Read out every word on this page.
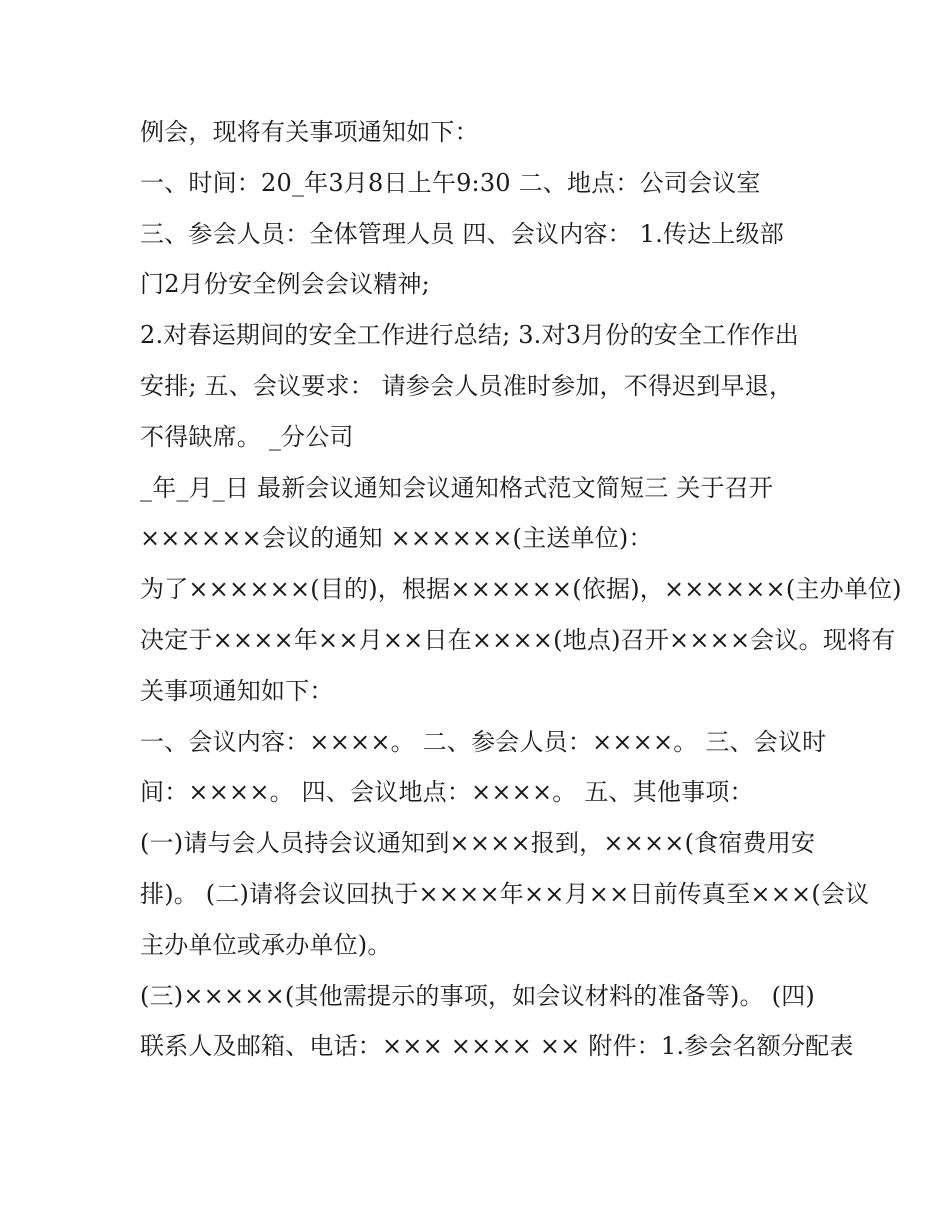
例会，现将有关事项通知如下：
一、时间：20_年3月8日上午9:30 二、地点：公司会议室
三、参会人员：全体管理人员 四、会议内容： 1.传达上级部
门2月份安全例会会议精神;
2.对春运期间的安全工作进行总结; 3.对3月份的安全工作作出
安排; 五、会议要求： 请参会人员准时参加，不得迟到早退，
不得缺席。 _分公司
_年_月_日 最新会议通知会议通知格式范文简短三 关于召开
××××××会议的通知 ××××××(主送单位)：
为了××××××(目的)，根据××××××(依据)，××××××(主办单位)
决定于××××年××月××日在××××(地点)召开××××会议。现将有
关事项通知如下：
一、会议内容：××××。 二、参会人员：××××。 三、会议时
间：××××。 四、会议地点：××××。 五、其他事项：
(一)请与会人员持会议通知到××××报到，××××(食宿费用安
排)。 (二)请将会议回执于××××年××月××日前传真至×××(会议
主办单位或承办单位)。
(三)×××××(其他需提示的事项，如会议材料的准备等)。 (四)
联系人及邮箱、电话：××× ×××× ×× 附件：1.参会名额分配表
